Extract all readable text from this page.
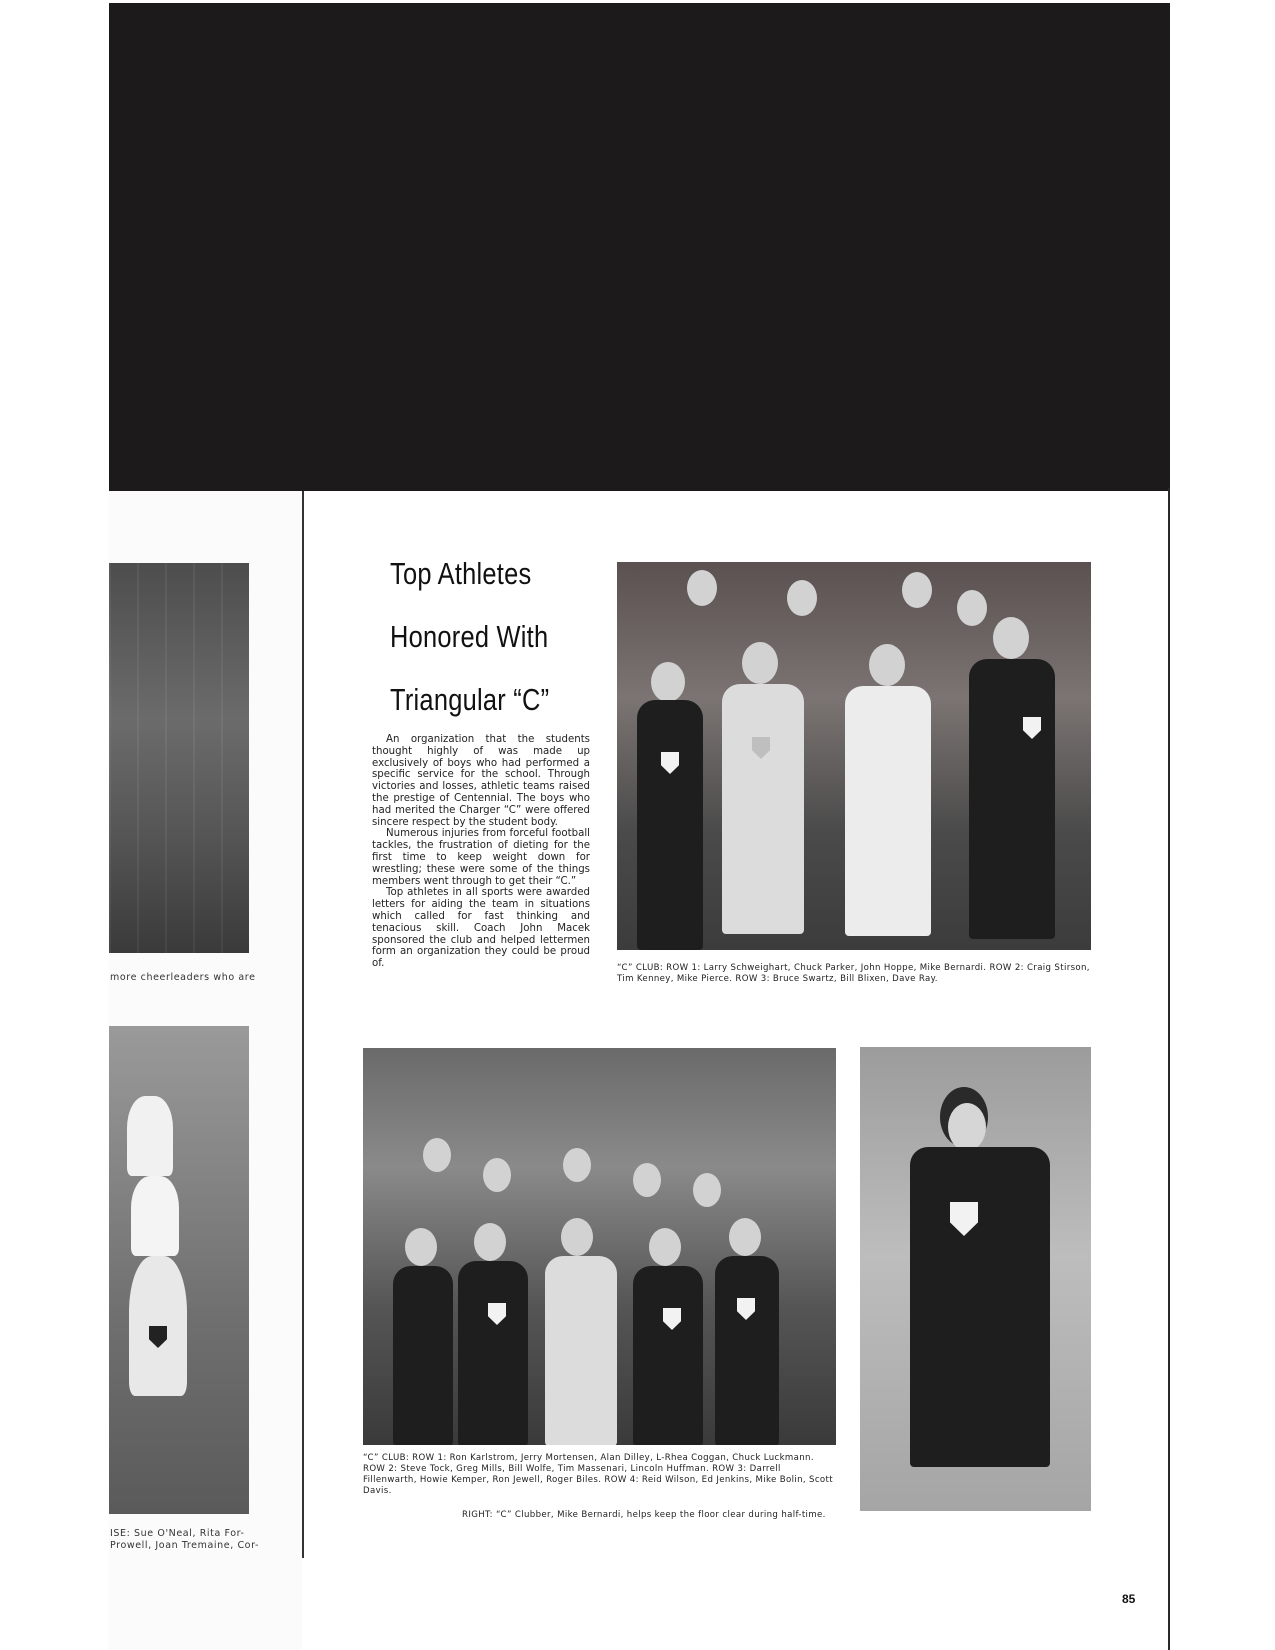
more cheerleaders who are
ISE: Sue O'Neal, Rita For-
Prowell, Joan Tremaine, Cor-
Top Athletes
Honored With
Triangular “C”

An organization that the students thought highly of was made up exclusively of boys who had performed a specific service for the school. Through victories and losses, athletic teams raised the prestige of Centennial. The boys who had merited the Charger “C” were offered sincere respect by the student body.

Numerous injuries from forceful football tackles, the frustration of dieting for the first time to keep weight down for wrestling; these were some of the things members went through to get their “C.”

Top athletes in all sports were awarded letters for aiding the team in situations which called for fast thinking and tenacious skill. Coach John Macek sponsored the club and helped lettermen form an organization they could be proud of.	“C” CLUB: ROW 1: Larry Schweighart, Chuck Parker, John Hoppe, Mike Bernardi. ROW 2: Craig Stirson, Tim Kenney, Mike Pierce. ROW 3: Bruce Swartz, Bill Blixen, Dave Ray.
“C” CLUB: ROW 1: Ron Karlstrom, Jerry Mortensen, Alan Dilley, L-Rhea Coggan, Chuck Luckmann. ROW 2: Steve Tock, Greg Mills, Bill Wolfe, Tim Massenari, Lincoln Huffman. ROW 3: Darrell Fillenwarth, Howie Kemper, Ron Jewell, Roger Biles. ROW 4: Reid Wilson, Ed Jenkins, Mike Bolin, Scott Davis.
RIGHT: “C” Clubber, Mike Bernardi, helps keep the floor clear during half-time.
85
